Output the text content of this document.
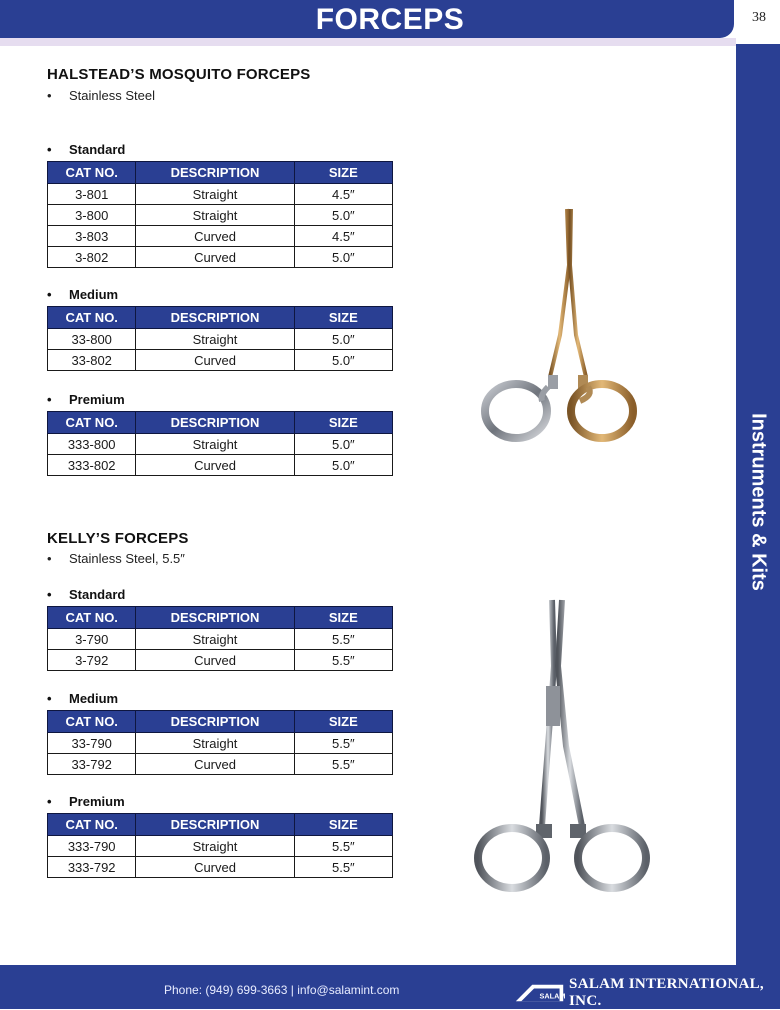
FORCEPS	38
Instruments & Kits
HALSTEAD’S MOSQUITO FORCEPS
• Stainless Steel
• Standard
CAT NO.	DESCRIPTION	SIZE
3-801	Straight	4.5″
3-800	Straight	5.0″
3-803	Curved	4.5″
3-802	Curved	5.0″
• Medium
CAT NO.	DESCRIPTION	SIZE
33-800	Straight	5.0″
33-802	Curved	5.0″
• Premium
CAT NO.	DESCRIPTION	SIZE
333-800	Straight	5.0″
333-802	Curved	5.0″
KELLY’S FORCEPS
• Stainless Steel, 5.5″
• Standard
CAT NO.	DESCRIPTION	SIZE
3-790	Straight	5.5″
3-792	Curved	5.5″
• Medium
CAT NO.	DESCRIPTION	SIZE
33-790	Straight	5.5″
33-792	Curved	5.5″
• Premium
CAT NO.	DESCRIPTION	SIZE
333-790	Straight	5.5″
333-792	Curved	5.5″
Phone: (949) 699-3663 | info@salamint.com	SALAM
SALAM INTERNATIONAL, INC.
